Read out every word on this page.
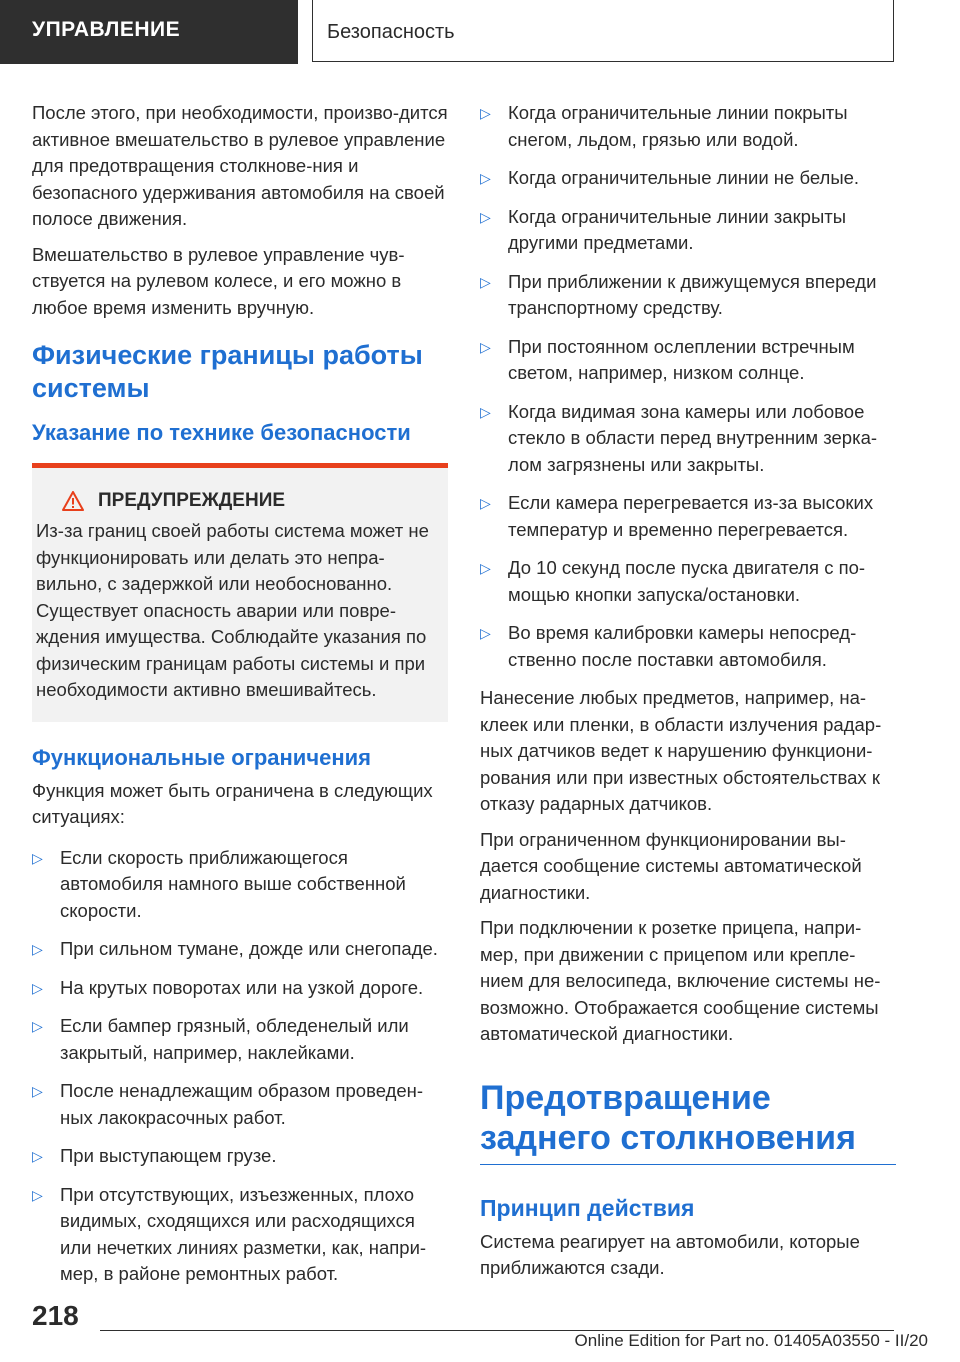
УПРАВЛЕНИЕ	Безопасность

После этого, при необходимости, произво-дится активное вмешательство в рулевое управление для предотвращения столкнове-ния и безопасного удерживания автомобиля на своей полосе движения.

Вмешательство в рулевое управление чув-ствуется на рулевом колесе, и его можно в любое время изменить вручную.

Физические границы работы системы
Указание по технике безопасности
ПРЕДУПРЕЖДЕНИЕ

Из-за границ своей работы система может не функционировать или делать это непра-вильно, с задержкой или необоснованно. Существует опасность аварии или повре-ждения имущества. Соблюдайте указания по физическим границам работы системы и при необходимости активно вмешивайтесь.

Функциональные ограничения

Функция может быть ограничена в следующих ситуациях:

▷ Если скорость приближающегося автомобиля намного выше собственной скорости.
▷ При сильном тумане, дожде или снегопаде.
▷ На крутых поворотах или на узкой дороге.
▷ Если бампер грязный, обледенелый или закрытый, например, наклейками.
▷ После ненадлежащим образом проведен-ных лакокрасочных работ.
▷ При выступающем грузе.
▷ При отсутствующих, изъезженных, плохо видимых, сходящихся или расходящихся или нечетких линиях разметки, как, напри-мер, в районе ремонтных работ.
▷ Когда ограничительные линии покрыты снегом, льдом, грязью или водой.
▷ Когда ограничительные линии не белые.
▷ Когда ограничительные линии закрыты другими предметами.
▷ При приближении к движущемуся впереди транспортному средству.
▷ При постоянном ослеплении встречным светом, например, низком солнце.
▷ Когда видимая зона камеры или лобовое стекло в области перед внутренним зерка-лом загрязнены или закрыты.
▷ Если камера перегревается из-за высоких температур и временно перегревается.
▷ До 10 секунд после пуска двигателя с по-мощью кнопки запуска/остановки.
▷ Во время калибровки камеры непосред-ственно после поставки автомобиля.

Нанесение любых предметов, например, на-клеек или пленки, в области излучения радар-ных датчиков ведет к нарушению функциони-рования или при известных обстоятельствах к отказу радарных датчиков.

При ограниченном функционировании вы-дается сообщение системы автоматической диагностики.

При подключении к розетке прицепа, напри-мер, при движении с прицепом или крепле-нием для велосипеда, включение системы не-возможно. Отображается сообщение системы автоматической диагностики.

Предотвращение заднего столкновения
Принцип действия

Система реагирует на автомобили, которые приближаются сзади.

218
Online Edition for Part no. 01405A03550 - II/20
